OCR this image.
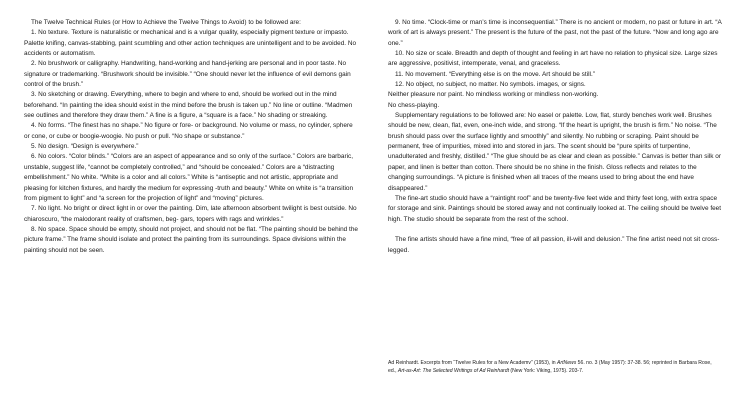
The Twelve Technical Rules (or How to Achieve the Twelve Things to Avoid) to be followed are:

1. No texture. Texture is naturalistic or mechanical and is a vulgar quality, especially pigment texture or impasto. Palette knifing, canvas-stabbing, paint scumbling and other action techniques are unintelligent and to be avoided. No accidents or automatism.

2. No brushwork or calligraphy. Handwriting, hand-working and hand-jerking are personal and in poor taste. No signature or trademarking. “Brushwork should be invisible.” “One should never let the influence of evil demons gain control of the brush.”

3. No sketching or drawing. Everything, where to begin and where to end, should be worked out in the mind beforehand. “In painting the idea should exist in the mind before the brush is taken up.” No line or outline. “Madmen see outlines and therefore they draw them.” A fine is a figure, a “square is a face.” No shading or streaking.

4. No forms. “The finest has no shape.” No figure or fore- or background. No volume or mass, no cylinder, sphere or cone, or cube or boogie-woogie. No push or pull. “No shape or substance.”

5. No design. “Design is everywhere.”

6. No colors. “Color blinds.” “Colors are an aspect of appearance and so only of the surface.” Colors are barbaric, unstable, suggest life, “cannot be completely controlled,” and “should be concealed.” Colors are a “distracting embellishment.” No white. “White is a color and all colors.” White is “antiseptic and not artistic, appropriate and pleasing for kitchen fixtures, and hardly the medium for expressing -truth and beauty.” White on white is “a transition from pigment to light” and “a screen for the projection of light” and “moving” pictures.

7. No light. No bright or direct light in or over the painting. Dim, late afternoon absorbent twilight is best outside. No chiaroscuro, “the malodorant reality of craftsmen, beg- gars, topers with rags and wrinkles.”

8. No space. Space should be empty, should not project, and should not be flat. “The painting should be behind the picture frame.” The frame should isolate and protect the painting from its surroundings. Space divisions within the painting should not be seen.

9. No time. “Clock-time or man’s time is inconsequential.” There is no ancient or modern, no past or future in art. “A work of art is always present.” The present is the future of the past, not the past of the future. “Now and long ago are one.”

10. No size or scale. Breadth and depth of thought and feeling in art have no relation to physical size. Large sizes are aggressive, positivist, intemperate, venal, and graceless.

11. No movement. “Everything else is on the move. Art should be still.”

12. No object, no subject, no matter. No symbols. images, or signs.

Neither pleasure nor paint. No mindless working or mindless non-working.

No chess-playing.

Supplementary regulations to be followed are: No easel or palette. Low, flat, sturdy benches work well. Brushes should be new, clean, flat, even, one-inch wide, and strong. “If the heart is upright, the brush is firm.” No noise. “The brush should pass over the surface lightly and smoothly” and silently. No rubbing or scraping. Paint should be permanent, free of impurities, mixed into and stored in jars. The scent should be “pure spirits of turpentine, unadulterated and freshly, distilled.” “The glue should be as clear and clean as possible.” Canvas is better than silk or paper, and linen is better than cotton. There should be no shine in the finish. Gloss reflects and relates to the changing surroundings. “A picture is finished when all traces of the means used to bring about the end have disappeared.”

The fine-art studio should have a “raintight roof” and be twenty-five feet wide and thirty feet long, with extra space for storage and sink. Paintings should be stored away and not continually looked at. The ceiling should be twelve feet high. The studio should be separate from the rest of the school.

The fine artists should have a fine mind, “free of all passion, ill-will and delusion.” The fine artist need not sit cross-legged.

Ad Reinhardt. Excerpts from “Twelve Rules for a New Academv” (1953), in ArtNews 56. no. 3 (May 1957): 37-38. 56; reprinted in Barbara Rose, ed., Art-as-Art: The Selected Writings of Ad Reinhardt (New York: Viking, 1975). 203-7.
